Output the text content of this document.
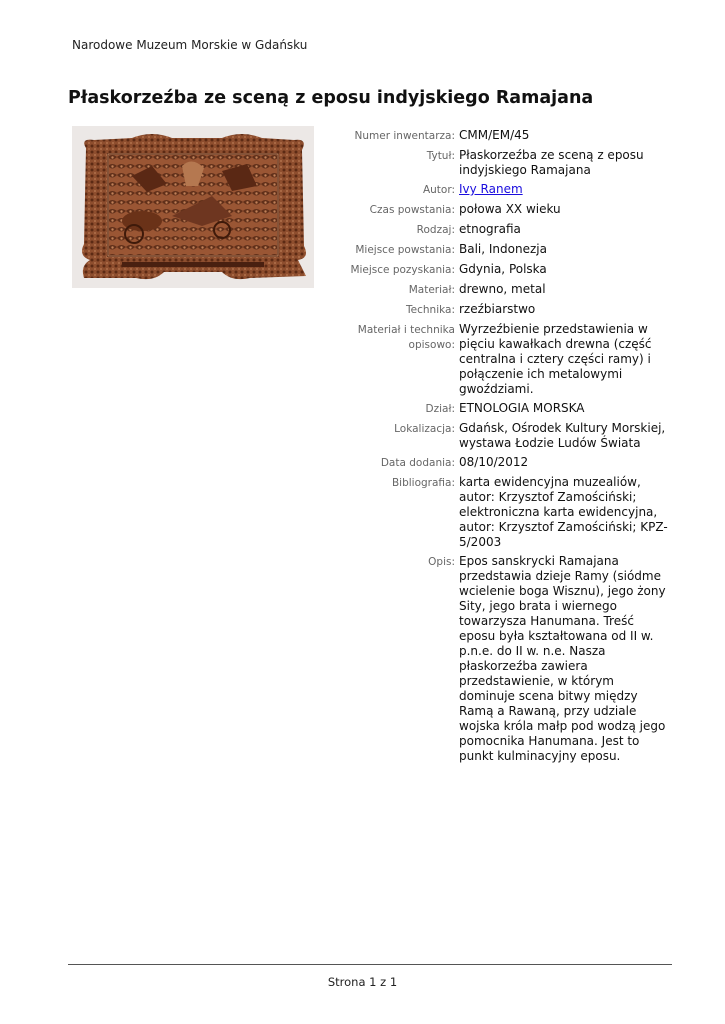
Narodowe Muzeum Morskie w Gdańsku
Płaskorzeźba ze sceną z eposu indyjskiego Ramajana
Numer inwentarza: CMM/EM/45
Tytuł: Płaskorzeźba ze sceną z eposu indyjskiego Ramajana
Autor: Ivy Ranem
Czas powstania: połowa XX wieku
Rodzaj: etnografia
Miejsce powstania: Bali, Indonezja
Miejsce pozyskania: Gdynia, Polska
Materiał: drewno, metal
Technika: rzeźbiarstwo
Materiał i technika opisowo:
Wyrzeźbienie przedstawienia w pięciu kawałkach drewna (część centralna i cztery części ramy) i połączenie ich metalowymi gwoździami.
Dział: ETNOLOGIA MORSKA
Lokalizacja: Gdańsk, Ośrodek Kultury Morskiej, wystawa Łodzie Ludów Świata
Data dodania: 08/10/2012
Bibliografia: karta ewidencyjna muzealiów, autor: Krzysztof Zamościński; elektroniczna karta ewidencyjna, autor: Krzysztof Zamościński; KPZ-5/2003
Opis: Epos sanskrycki Ramajana przedstawia dzieje Ramy (siódme wcielenie boga Wisznu), jego żony Sity, jego brata i wiernego towarzysza Hanumana. Treść eposu była kształtowana od II w. p.n.e. do II w. n.e. Nasza płaskorzeźba zawiera przedstawienie, w którym dominuje scena bitwy między Ramą a Rawaną, przy udziale wojska króla małp pod wodzą jego pomocnika Hanumana. Jest to punkt kulminacyjny eposu.
Strona 1 z 1
